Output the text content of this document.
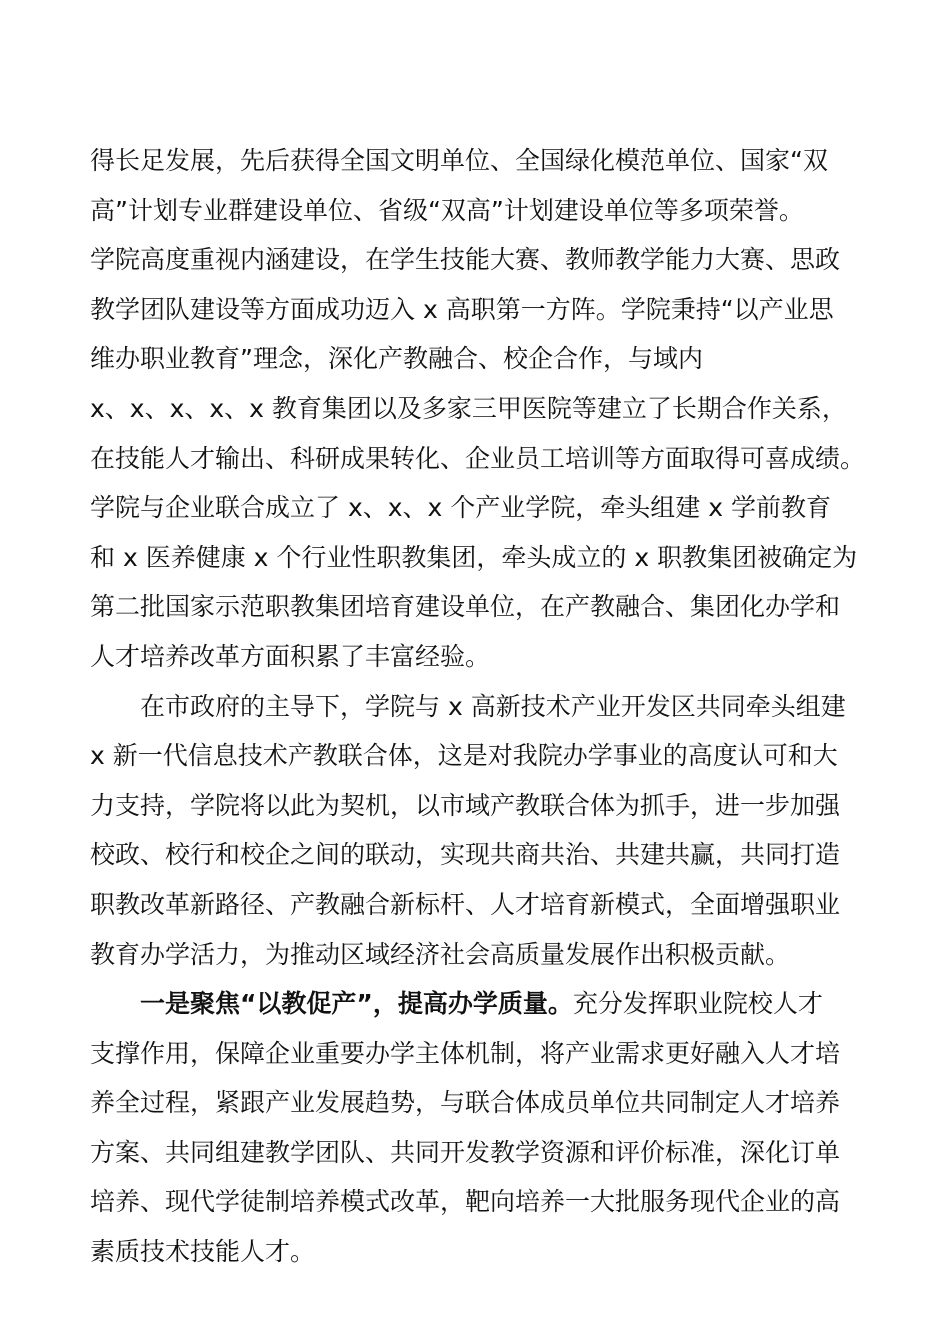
得长足发展，先后获得全国文明单位、全国绿化模范单位、国家“双
高”计划专业群建设单位、省级“双高”计划建设单位等多项荣誉。
学院高度重视内涵建设，在学生技能大赛、教师教学能力大赛、思政
教学团队建设等方面成功迈入 x 高职第一方阵。学院秉持“以产业思
维办职业教育”理念，深化产教融合、校企合作，与域内
x、x、x、x、x 教育集团以及多家三甲医院等建立了长期合作关系，
在技能人才输出、科研成果转化、企业员工培训等方面取得可喜成绩。
学院与企业联合成立了 x、x、x 个产业学院，牵头组建 x 学前教育
和 x 医养健康 x 个行业性职教集团，牵头成立的 x 职教集团被确定为
第二批国家示范职教集团培育建设单位，在产教融合、集团化办学和
人才培养改革方面积累了丰富经验。

在市政府的主导下，学院与 x 高新技术产业开发区共同牵头组建
x 新一代信息技术产教联合体，这是对我院办学事业的高度认可和大
力支持，学院将以此为契机，以市域产教联合体为抓手，进一步加强
校政、校行和校企之间的联动，实现共商共治、共建共赢，共同打造
职教改革新路径、产教融合新标杆、人才培育新模式，全面增强职业
教育办学活力，为推动区域经济社会高质量发展作出积极贡献。

一是聚焦“以教促产”，提高办学质量。充分发挥职业院校人才
支撑作用，保障企业重要办学主体机制，将产业需求更好融入人才培
养全过程，紧跟产业发展趋势，与联合体成员单位共同制定人才培养
方案、共同组建教学团队、共同开发教学资源和评价标准，深化订单
培养、现代学徒制培养模式改革，靶向培养一大批服务现代企业的高
素质技术技能人才。
